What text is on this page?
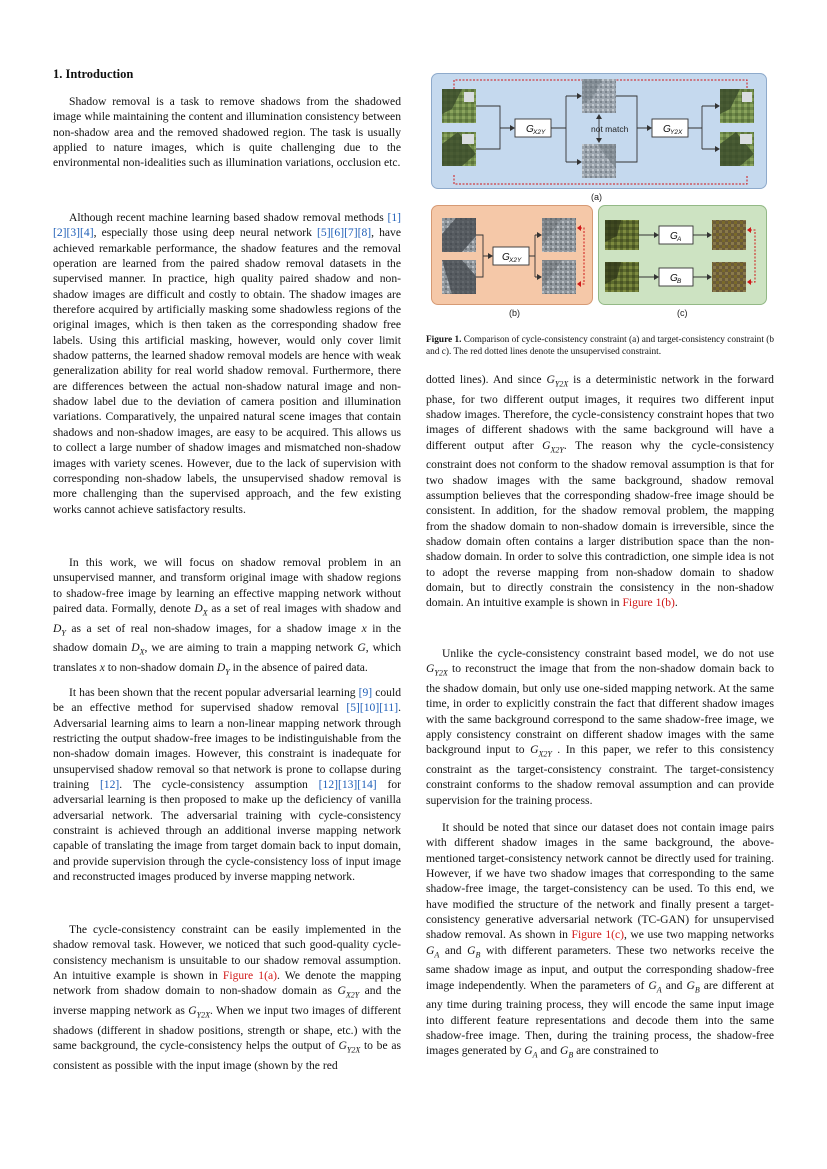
1. Introduction

Shadow removal is a task to remove shadows from the shadowed image while maintaining the content and illumination consistency between non-shadow area and the removed shadowed region. The task is usually applied to nature images, which is quite challenging due to the environmental non-idealities such as illumination variations, occlusion etc.

Although recent machine learning based shadow removal methods [1][2][3][4], especially those using deep neural network [5][6][7][8], have achieved remarkable performance, the shadow features and the removal operation are learned from the paired shadow removal datasets in the supervised manner. In practice, high quality paired shadow and non-shadow images are difficult and costly to obtain. The shadow images are therefore acquired by artificially masking some shadowless regions of the original images, which is then taken as the corresponding shadow free labels. Using this artificial masking, however, would only cover limit shadow patterns, the learned shadow removal models are hence with weak generalization ability for real world shadow removal. Furthermore, there are differences between the actual non-shadow natural image and non-shadow label due to the deviation of camera position and illumination variations. Comparatively, the unpaired natural scene images that contain shadows and non-shadow images, are easy to be acquired. This allows us to collect a large number of shadow images and mismatched non-shadow images with variety scenes. However, due to the lack of supervision with corresponding non-shadow labels, the unsupervised shadow removal is more challenging than the supervised approach, and the few existing works cannot achieve satisfactory results.

In this work, we will focus on shadow removal problem in an unsupervised manner, and transform original image with shadow regions to shadow-free image by learning an effective mapping network without paired data. Formally, denote $D_X$ as a set of real images with shadow and $D_Y$ as a set of real non-shadow images, for a shadow image x in the shadow domain $D_X$, we are aiming to train a mapping network G, which translates x to non-shadow domain $D_Y$ in the absence of paired data.

It has been shown that the recent popular adversarial learning [9] could be an effective method for supervised shadow removal [5][10][11]. Adversarial learning aims to learn a non-linear mapping network through restricting the output shadow-free images to be indistinguishable from the non-shadow domain images. However, this constraint is inadequate for unsupervised shadow removal so that network is prone to collapse during training [12]. The cycle-consistency assumption [12][13][14] for adversarial learning is then proposed to make up the deficiency of vanilla adversarial network. The adversarial training with cycle-consistency constraint is achieved through an additional inverse mapping network capable of translating the image from target domain back to input domain, and provide supervision through the cycle-consistency loss of input image and reconstructed images produced by inverse mapping network.

The cycle-consistency constraint can be easily implemented in the shadow removal task. However, we noticed that such good-quality cycle-consistency mechanism is unsuitable to our shadow removal assumption. An intuitive example is shown in Figure 1(a). We denote the mapping network from shadow domain to non-shadow domain as $G_{X2Y}$ and the inverse mapping network as $G_{Y2X}$. When we input two images of different shadows (different in shadow positions, strength or shape, etc.) with the same background, the cycle-consistency helps the output of $G_{Y2X}$ to be as consistent as possible with the input image (shown by the red

G X2Y	not match	G Y2X
(a)
G X2Y
(b)
G A
G B
(c)
Figure 1. Comparison of cycle-consistency constraint (a) and target-consistency constraint (b and c). The red dotted lines denote the unsupervised constraint.

dotted lines). And since $G_{Y2X}$ is a deterministic network in the forward phase, for two different output images, it requires two different input shadow images. Therefore, the cycle-consistency constraint hopes that two images of different shadows with the same background will have a different output after $G_{X2Y}$. The reason why the cycle-consistency constraint does not conform to the shadow removal assumption is that for two shadow images with the same background, shadow removal assumption believes that the corresponding shadow-free image should be consistent. In addition, for the shadow removal problem, the mapping from the shadow domain to non-shadow domain is irreversible, since the shadow domain often contains a larger distribution space than the non-shadow domain. In order to solve this contradiction, one simple idea is not to adopt the reverse mapping from non-shadow domain to shadow domain, but to directly constrain the consistency in the non-shadow domain. An intuitive example is shown in Figure 1(b).

Unlike the cycle-consistency constraint based model, we do not use $G_{Y2X}$ to reconstruct the image that from the non-shadow domain back to the shadow domain, but only use one-sided mapping network. At the same time, in order to explicitly constrain the fact that different shadow images with the same background correspond to the same shadow-free image, we apply consistency constraint on different shadow images with the same background input to $G_{X2Y}$ . In this paper, we refer to this consistency constraint as the target-consistency constraint. The target-consistency constraint conforms to the shadow removal assumption and can provide supervision for the training process.

It should be noted that since our dataset does not contain image pairs with different shadow images in the same background, the above-mentioned target-consistency network cannot be directly used for training. However, if we have two shadow images that corresponding to the same shadow-free image, the target-consistency can be used. To this end, we have modified the structure of the network and finally present a target-consistency generative adversarial network (TC-GAN) for unsupervised shadow removal. As shown in Figure 1(c), we use two mapping networks $G_A$ and $G_B$ with different parameters. These two networks receive the same shadow image as input, and output the corresponding shadow-free image independently. When the parameters of $G_A$ and $G_B$ are different at any time during training process, they will encode the same input image into different feature representations and decode them into the same shadow-free image. Then, during the training process, the shadow-free images generated by $G_A$ and $G_B$ are constrained to
